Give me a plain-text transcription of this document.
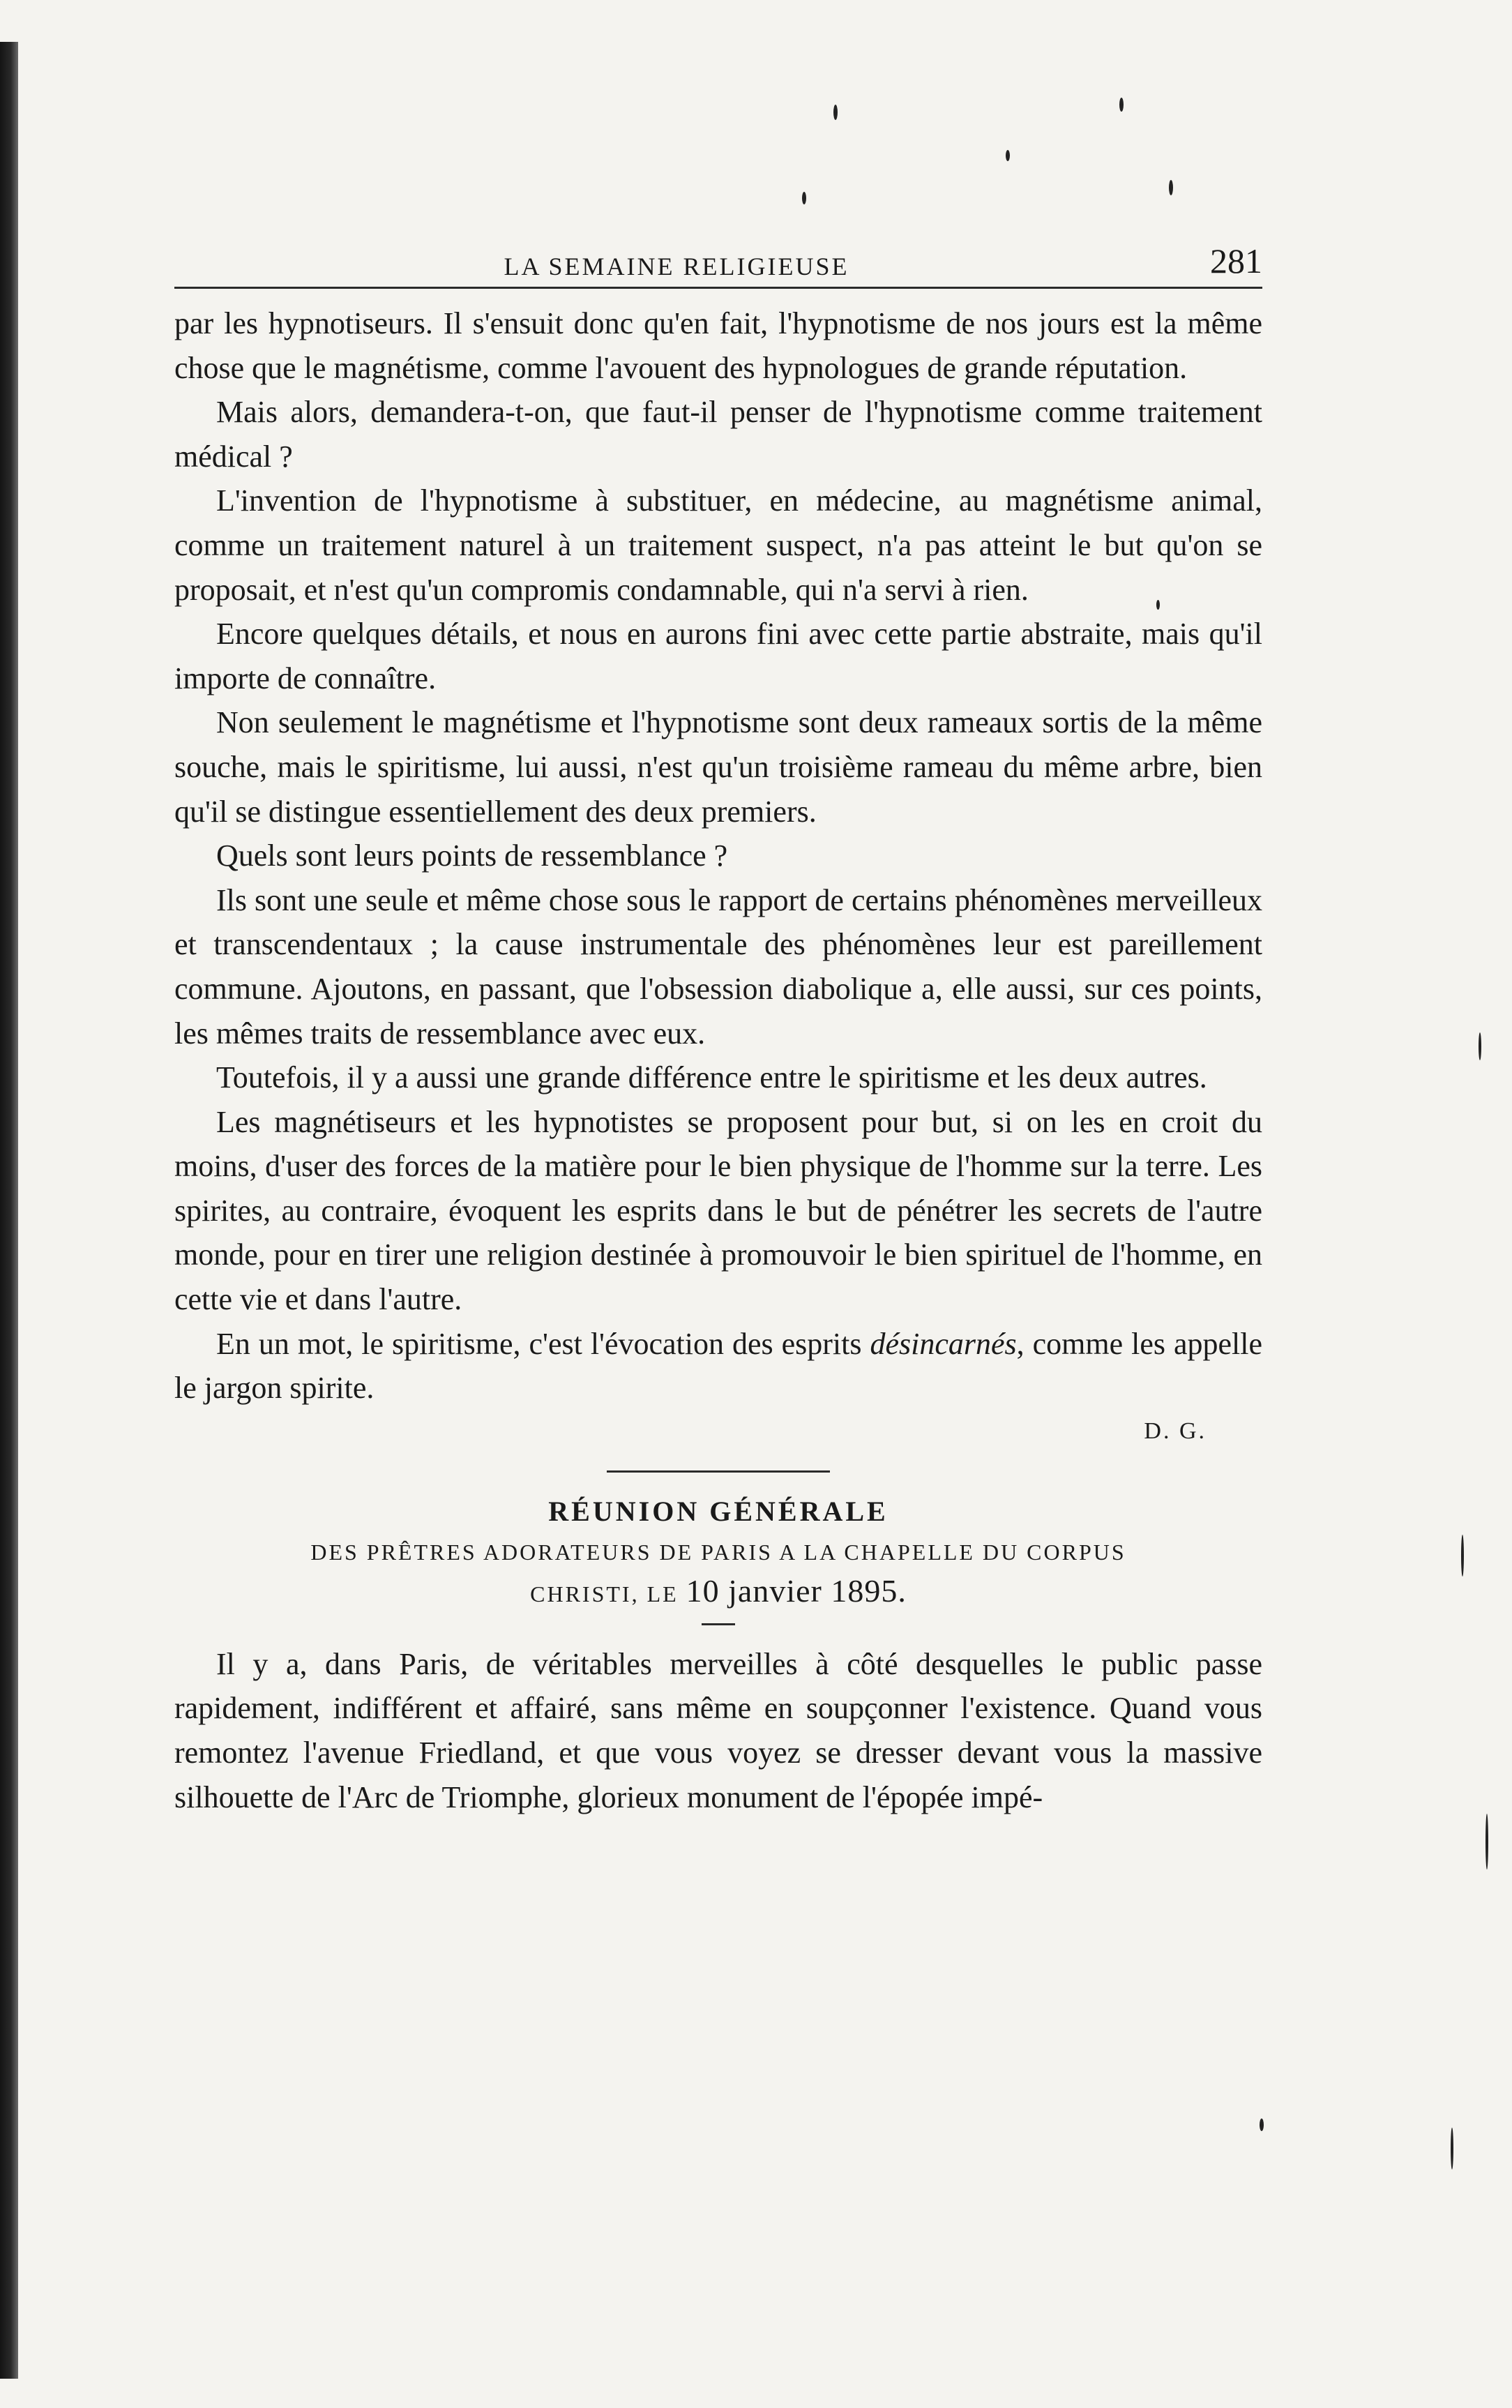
LA SEMAINE RELIGIEUSE	281

par les hypnotiseurs. Il s'ensuit donc qu'en fait, l'hypnotisme de nos jours est la même chose que le magnétisme, comme l'avouent des hypnologues de grande réputation.

Mais alors, demandera-t-on, que faut-il penser de l'hypnotisme comme traitement médical ?

L'invention de l'hypnotisme à substituer, en médecine, au magnétisme animal, comme un traitement naturel à un traitement suspect, n'a pas atteint le but qu'on se proposait, et n'est qu'un compromis condamnable, qui n'a servi à rien.

Encore quelques détails, et nous en aurons fini avec cette partie abstraite, mais qu'il importe de connaître.

Non seulement le magnétisme et l'hypnotisme sont deux rameaux sortis de la même souche, mais le spiritisme, lui aussi, n'est qu'un troisième rameau du même arbre, bien qu'il se distingue essentiellement des deux premiers.

Quels sont leurs points de ressemblance ?

Ils sont une seule et même chose sous le rapport de certains phénomènes merveilleux et transcendentaux ; la cause instrumentale des phénomènes leur est pareillement commune. Ajoutons, en passant, que l'obsession diabolique a, elle aussi, sur ces points, les mêmes traits de ressemblance avec eux.

Toutefois, il y a aussi une grande différence entre le spiritisme et les deux autres.

Les magnétiseurs et les hypnotistes se proposent pour but, si on les en croit du moins, d'user des forces de la matière pour le bien physique de l'homme sur la terre. Les spirites, au contraire, évoquent les esprits dans le but de pénétrer les secrets de l'autre monde, pour en tirer une religion destinée à promouvoir le bien spirituel de l'homme, en cette vie et dans l'autre.

En un mot, le spiritisme, c'est l'évocation des esprits désincarnés, comme les appelle le jargon spirite.

D. G.
RÉUNION GÉNÉRALE
DES PRÊTRES ADORATEURS DE PARIS A LA CHAPELLE DU CORPUS
CHRISTI, LE 10 janvier 1895.

Il y a, dans Paris, de véritables merveilles à côté desquelles le public passe rapidement, indifférent et affairé, sans même en soupçonner l'existence. Quand vous remontez l'avenue Friedland, et que vous voyez se dresser devant vous la massive silhouette de l'Arc de Triomphe, glorieux monument de l'épopée impé-
